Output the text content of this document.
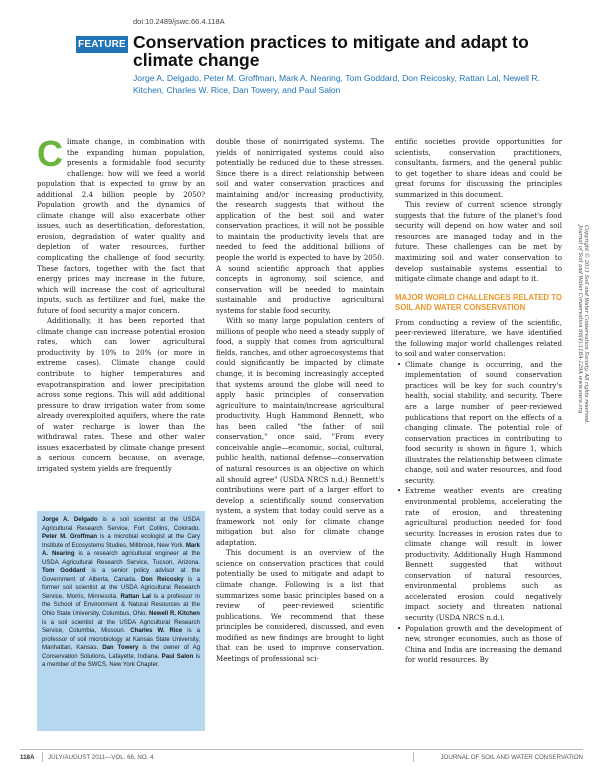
doi:10.2489/jswc.66.4.118A
FEATURE Conservation practices to mitigate and adapt to climate change
Jorge A. Delgado, Peter M. Groffman, Mark A. Nearing, Tom Goddard, Don Reicosky, Rattan Lal, Newell R. Kitchen, Charles W. Rice, Dan Towery, and Paul Salon

Climate change, in combination with the expanding human population, presents a formidable food security challenge: how will we feed a world population that is expected to grow by an additional 2.4 billion people by 2050? Population growth and the dynamics of climate change will also exacerbate other issues, such as desertification, deforestation, erosion, degradation of water quality and depletion of water resources, further complicating the challenge of food security. These factors, together with the fact that energy prices may increase in the future, which will increase the cost of agricultural inputs, such as fertilizer and fuel, make the future of food security a major concern.

Additionally, it has been reported that climate change can increase potential erosion rates, which can lower agricultural productivity by 10% to 20% (or more in extreme cases). Climate change could contribute to higher temperatures and evapotranspiration and lower precipitation across some regions. This will add additional pressure to draw irrigation water from some already overexploited aquifers, where the rate of water recharge is lower than the withdrawal rates. These and other water issues exacerbated by climate change present a serious concern because, on average, irrigated system yields are frequently

Jorge A. Delgado is a soil scientist at the USDA Agricultural Research Service, Fort Collins, Colorado. Peter M. Groffman is a microbial ecologist at the Cary Institute of Ecosystems Studies, Millbrook, New York. Mark A. Nearing is a research agricultural engineer at the USDA Agricultural Research Service, Tucson, Arizona. Tom Goddard is a senior policy advisor at the Government of Alberta, Canada. Don Reicosky is a former soil scientist at the USDA Agricultural Research Service, Morris, Minnesota. Rattan Lal is a professor in the School of Environment & Natural Resources at the Ohio State University, Columbus, Ohio. Newell R. Kitchen is a soil scientist at the USDA Agricultural Research Service, Columbia, Missouri. Charles W. Rice is a professor of soil microbiology at Kansas State University, Manhattan, Kansas. Dan Towery is the owner of Ag Conservation Solutions, Lafayette, Indiana. Paul Salon is a member of the SWCS, New York Chapter.

double those of nonirrigated systems. The yields of nonirrigated systems could also potentially be reduced due to these stresses. Since there is a direct relationship between soil and water conservation practices and maintaining and/or increasing productivity, the research suggests that without the application of the best soil and water conservation practices, it will not be possible to maintain the productivity levels that are needed to feed the additional billions of people the world is expected to have by 2050. A sound scientific approach that applies concepts in agronomy, soil science, and conservation will be needed to maintain sustainable and productive agricultural systems for stable food security.

With so many large population centers of millions of people who need a steady supply of food, a supply that comes from agricultural fields, ranches, and other agroecosystems that could significantly be impacted by climate change, it is becoming increasingly accepted that systems around the globe will need to apply basic principles of conservation agriculture to maintain/increase agricultural productivity. Hugh Hammond Bennett, who has been called "the father of soil conservation," once said, "From every conceivable angle—economic, social, cultural, public health, national defense—conservation of natural resources is an objective on which all should agree" (USDA NRCS n.d.) Bennett's contributions were part of a larger effort to develop a scientifically sound conservation system, a system that today could serve as a framework not only for climate change mitigation but also for climate change adaptation.

This document is an overview of the science on conservation practices that could potentially be used to mitigate and adapt to climate change. Following is a list that summarizes some basic principles based on a review of peer-reviewed scientific publications. We recommend that these principles be considered, discussed, and even modified as new findings are brought to light that can be used to improve conservation. Meetings of professional sci-

entific societies provide opportunities for scientists, conservation practitioners, consultants, farmers, and the general public to get together to share ideas and could be great forums for discussing the principles summarized in this document.

This review of current science strongly suggests that the future of the planet's food security will depend on how water and soil resources are managed today and in the future. These challenges can be met by maximizing soil and water conservation to develop sustainable systems essential to mitigate climate change and adapt to it.

MAJOR WORLD CHALLENGES RELATED TO SOIL AND WATER CONSERVATION

From conducting a review of the scientific, peer-reviewed literature, we have identified the following major world challenges related to soil and water conservation:

• Climate change is occurring, and the implementation of sound conservation practices will be key for such country's health, social stability, and security. There are a large number of peer-reviewed publications that report on the effects of a changing climate. The potential role of conservation practices in contributing to food security is shown in figure 1, which illustrates the relationship between climate change, soil and water resources, and food security.
• Extreme weather events are creating environmental problems, accelerating the rate of erosion, and threatening agricultural production needed for food security. Increases in erosion rates due to climate change will result in lower productivity. Additionally Hugh Hammond Bennett suggested that without conservation of natural resources, environmental problems such as accelerated erosion could negatively impact society and threaten national security (USDA NRCS n.d.).
• Population growth and the development of new, stronger economies, such as those of China and India are increasing the demand for world resources. By
Copyright © 2011 Soil and Water Conservation Society. All rights reserved.
Journal of Soil and Water Conservation 66(4):118A-129A www.swcs.org
118A JULY/AUGUST 2011—VOL. 66, NO. 4	JOURNAL OF SOIL AND WATER CONSERVATION
